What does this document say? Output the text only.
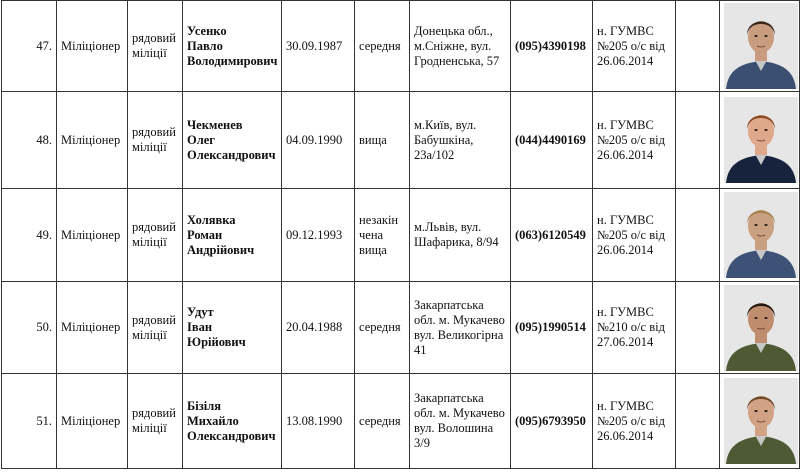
47.	Міліціонер	рядовий
міліції	Усенко
Павло
Володимирович	30.09.1987	середня	Донецька обл.,
м.Сніжне, вул.
Гродненська, 57	(095)4390198	н. ГУМВС
№205 о/с від
26.06.2014		

48.	Міліціонер	рядовий
міліції	Чекменев
Олег
Олександрович	04.09.1990	вища	м.Київ, вул.
Бабушкіна,
23а/102	(044)4490169	н. ГУМВС
№205 о/с від
26.06.2014		

49.	Міліціонер	рядовий
міліції	Холявка
Роман
Андрійович	09.12.1993	незакін
чена
вища	м.Львів, вул.
Шафарика, 8/94	(063)6120549	н. ГУМВС
№205 о/с від
26.06.2014		

50.	Міліціонер	рядовий
міліції	Удут
Іван
Юрійович	20.04.1988	середня	Закарпатська
обл. м. Мукачево
вул. Великогірна
41	(095)1990514	н. ГУМВС
№210 о/с від
27.06.2014		

51.	Міліціонер	рядовий
міліції	Бізіля
Михайло
Олександрович	13.08.1990	середня	Закарпатська
обл. м. Мукачево
вул. Волошина
3/9	(095)6793950	н. ГУМВС
№205 о/с від
26.06.2014		
